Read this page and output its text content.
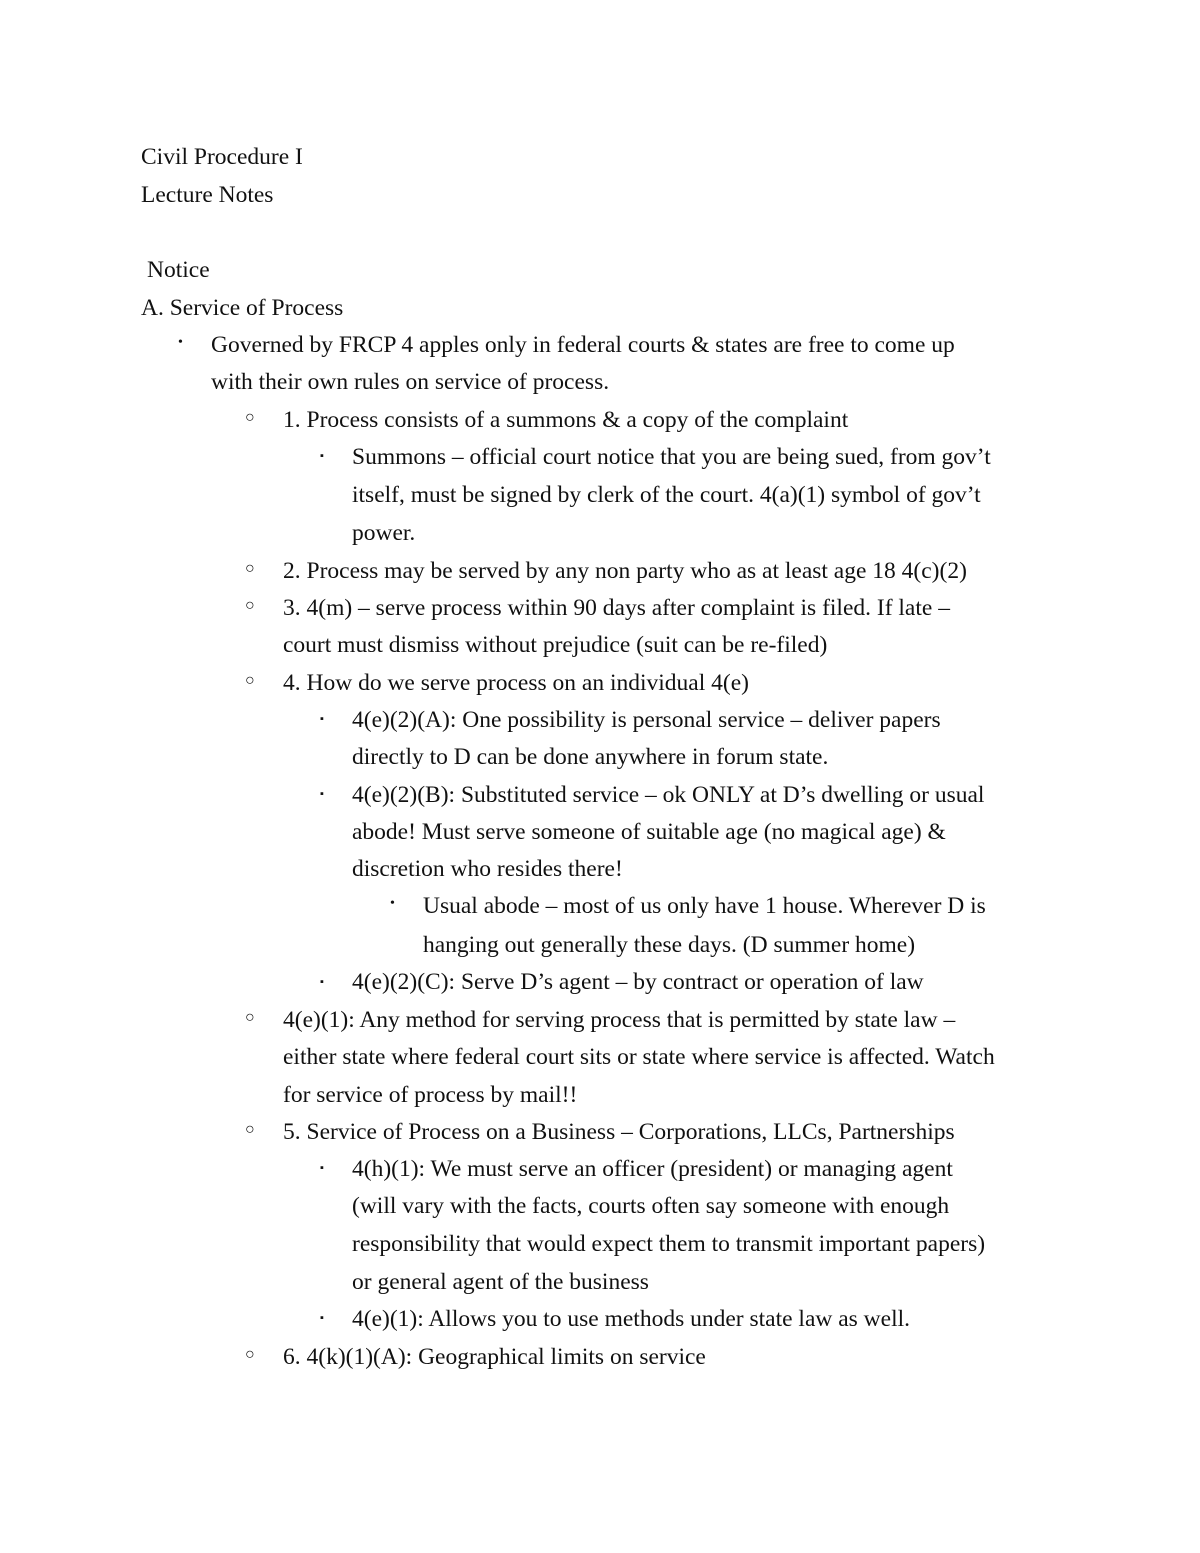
Civil Procedure I
Lecture Notes
Notice
A. Service of Process
•
○
▪
○
○
○
▪
▪
•
▪
○
○
▪
▪
○
Governed by FRCP 4 apples only in federal courts & states are free to come up
with their own rules on service of process.
1. Process consists of a summons & a copy of the complaint
Summons – official court notice that you are being sued, from gov’t
itself, must be signed by clerk of the court. 4(a)(1) symbol of gov’t
power.
2. Process may be served by any non party who as at least age 18 4(c)(2)
3. 4(m) – serve process within 90 days after complaint is filed. If late –
court must dismiss without prejudice (suit can be re-filed)
4. How do we serve process on an individual 4(e)
4(e)(2)(A): One possibility is personal service – deliver papers
directly to D can be done anywhere in forum state.
4(e)(2)(B): Substituted service – ok ONLY at D’s dwelling or usual
abode! Must serve someone of suitable age (no magical age) &
discretion who resides there!
Usual abode – most of us only have 1 house. Wherever D is
hanging out generally these days. (D summer home)
4(e)(2)(C): Serve D’s agent – by contract or operation of law
4(e)(1): Any method for serving process that is permitted by state law –
either state where federal court sits or state where service is affected. Watch
for service of process by mail!!
5. Service of Process on a Business – Corporations, LLCs, Partnerships
4(h)(1): We must serve an officer (president) or managing agent
(will vary with the facts, courts often say someone with enough
responsibility that would expect them to transmit important papers)
or general agent of the business
4(e)(1): Allows you to use methods under state law as well.
6. 4(k)(1)(A): Geographical limits on service
